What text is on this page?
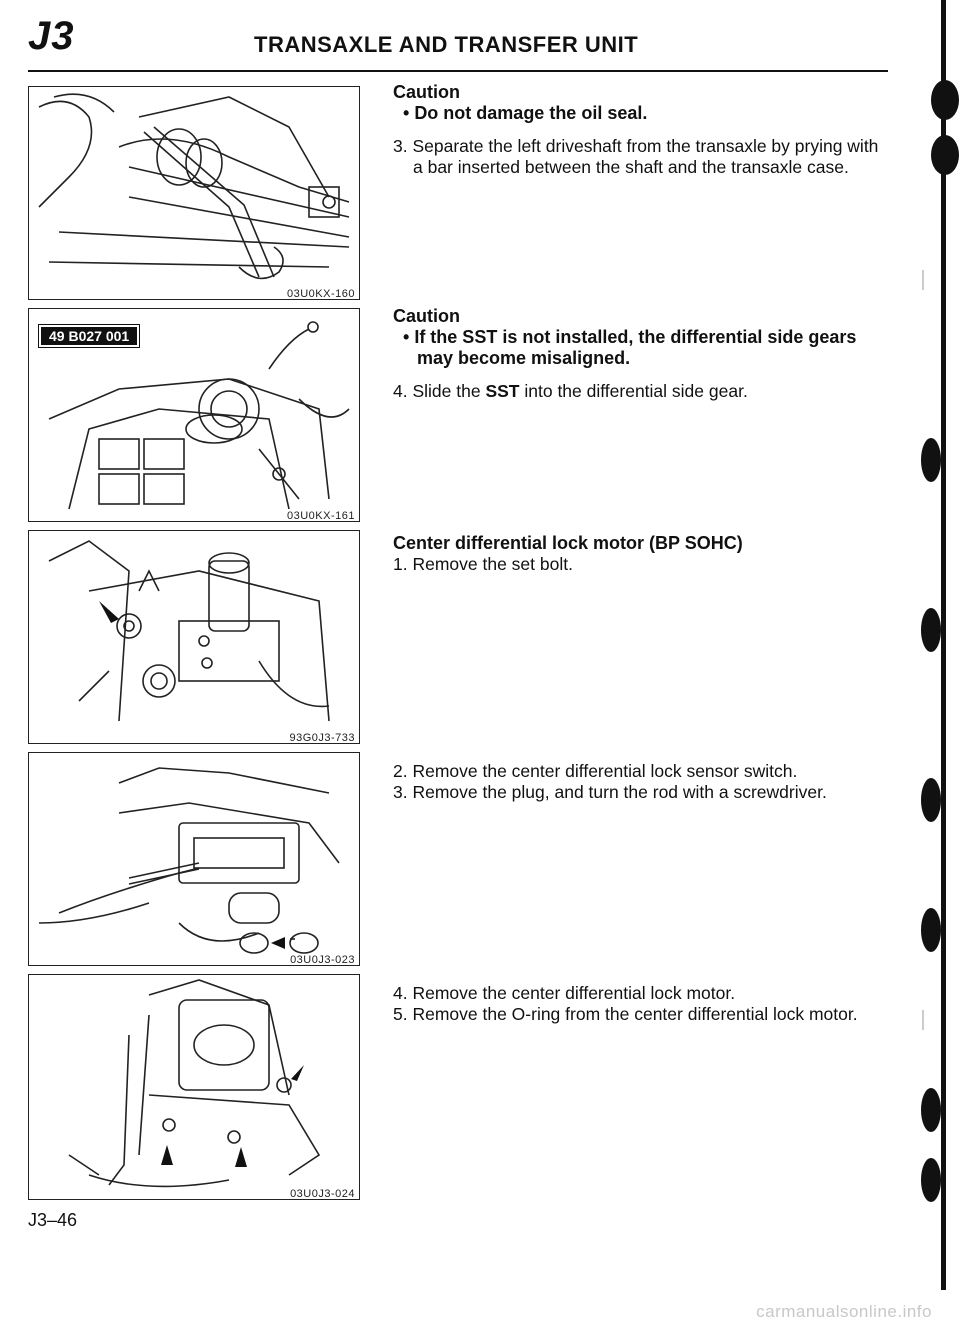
J3	TRANSAXLE AND TRANSFER UNIT
03U0KX-160
49 B027 001
03U0KX-161
93G0J3-733
03U0J3-023
03U0J3-024
Caution
• Do not damage the oil seal.
3. Separate the left driveshaft from the transaxle by prying with a bar inserted between the shaft and the transaxle case.
Caution
• If the SST is not installed, the differential side gears may become misaligned.
4. Slide the SST into the differential side gear.
Center differential lock motor (BP SOHC)
1. Remove the set bolt.
2. Remove the center differential lock sensor switch.
3. Remove the plug, and turn the rod with a screwdriver.
4. Remove the center differential lock motor.
5. Remove the O-ring from the center differential lock motor.
J3–46
carmanualsonline.info
